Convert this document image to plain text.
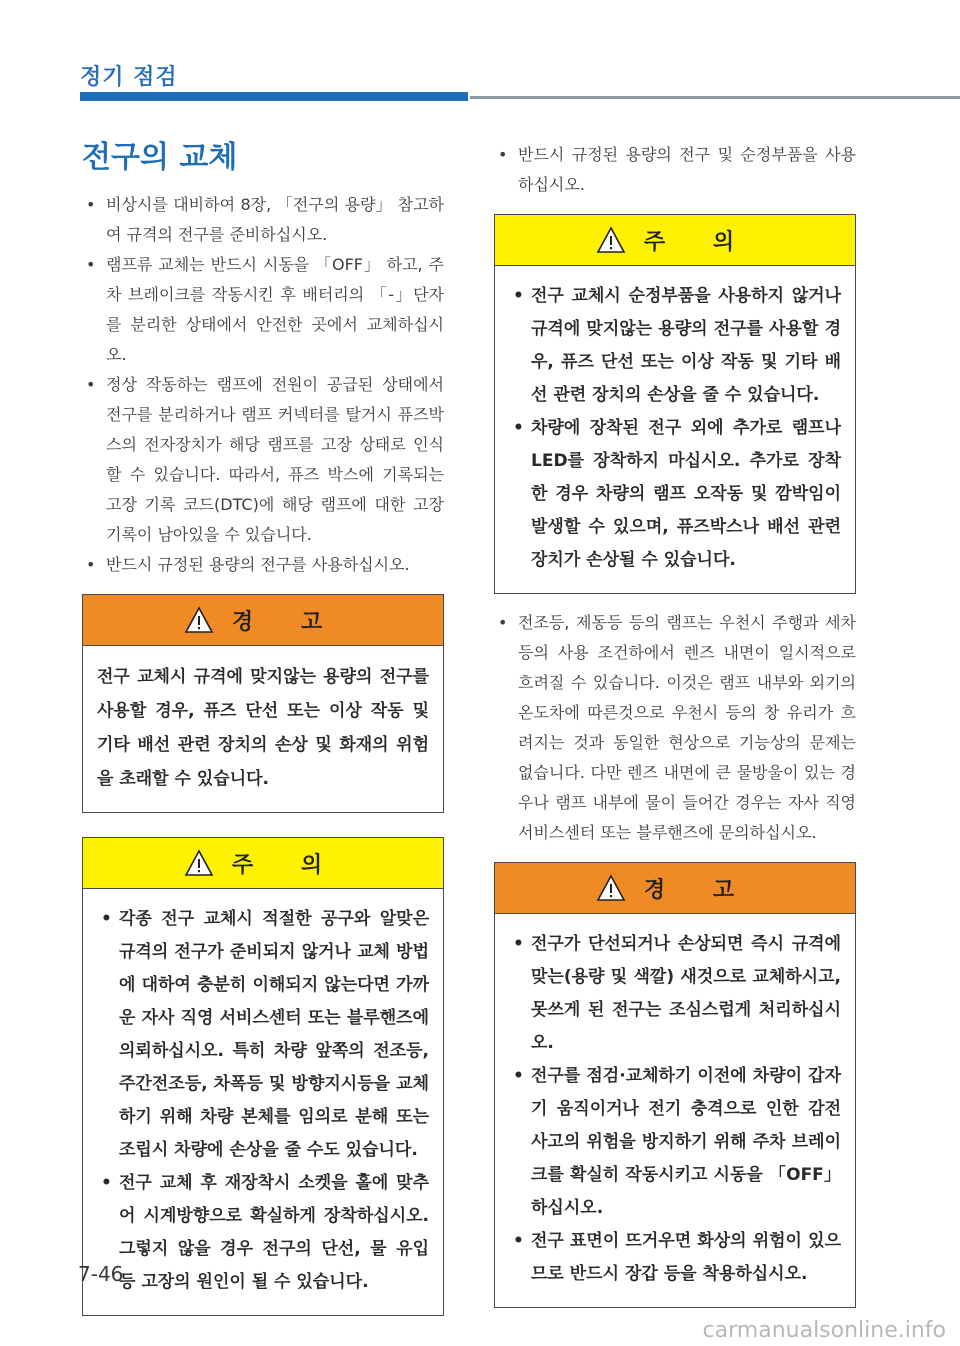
정기 점검
전구의 교체
• 비상시를 대비하여 8장, 「전구의 용량」 참고하여 규격의 전구를 준비하십시오.
• 램프류 교체는 반드시 시동을 「OFF」 하고, 주차 브레이크를 작동시킨 후 배터리의 「-」단자를 분리한 상태에서 안전한 곳에서 교체하십시오.
• 정상 작동하는 램프에 전원이 공급된 상태에서 전구를 분리하거나 램프 커넥터를 탈거시 퓨즈박스의 전자장치가 해당 램프를 고장 상태로 인식할 수 있습니다. 따라서, 퓨즈 박스에 기록되는 고장 기록 코드(DTC)에 해당 램프에 대한 고장 기록이 남아있을 수 있습니다.
• 반드시 규정된 용량의 전구를 사용하십시오.
경 고

전구 교체시 규격에 맞지않는 용량의 전구를 사용할 경우, 퓨즈 단선 또는 이상 작동 및 기타 배선 관련 장치의 손상 및 화재의 위험을 초래할 수 있습니다.

주 의
• 각종 전구 교체시 적절한 공구와 알맞은 규격의 전구가 준비되지 않거나 교체 방법에 대하여 충분히 이해되지 않는다면 가까운 자사 직영 서비스센터 또는 블루핸즈에 의뢰하십시오. 특히 차량 앞쪽의 전조등, 주간전조등, 차폭등 및 방향지시등을 교체하기 위해 차량 본체를 임의로 분해 또는 조립시 차량에 손상을 줄 수도 있습니다.
• 전구 교체 후 재장착시 소켓을 홀에 맞추어 시계방향으로 확실하게 장착하십시오. 그렇지 않을 경우 전구의 단선, 물 유입 등 고장의 원인이 될 수 있습니다.
• 반드시 규정된 용량의 전구 및 순정부품을 사용하십시오.
주 의
• 전구 교체시 순정부품을 사용하지 않거나 규격에 맞지않는 용량의 전구를 사용할 경우, 퓨즈 단선 또는 이상 작동 및 기타 배선 관련 장치의 손상을 줄 수 있습니다.
• 차량에 장착된 전구 외에 추가로 램프나 LED를 장착하지 마십시오. 추가로 장착한 경우 차량의 램프 오작동 및 깜박임이 발생할 수 있으며, 퓨즈박스나 배선 관련 장치가 손상될 수 있습니다.
• 전조등, 제동등 등의 램프는 우천시 주행과 세차 등의 사용 조건하에서 렌즈 내면이 일시적으로 흐려질 수 있습니다. 이것은 램프 내부와 외기의 온도차에 따른것으로 우천시 등의 창 유리가 흐려지는 것과 동일한 현상으로 기능상의 문제는 없습니다. 다만 렌즈 내면에 큰 물방울이 있는 경우나 램프 내부에 물이 들어간 경우는 자사 직영 서비스센터 또는 블루핸즈에 문의하십시오.
경 고
• 전구가 단선되거나 손상되면 즉시 규격에 맞는(용량 및 색깔) 새것으로 교체하시고, 못쓰게 된 전구는 조심스럽게 처리하십시오.
• 전구를 점검·교체하기 이전에 차량이 갑자기 움직이거나 전기 충격으로 인한 감전 사고의 위험을 방지하기 위해 주차 브레이크를 확실히 작동시키고 시동을 「OFF」 하십시오.
• 전구 표면이 뜨거우면 화상의 위험이 있으므로 반드시 장갑 등을 착용하십시오.
7-46
carmanualsonline.info
